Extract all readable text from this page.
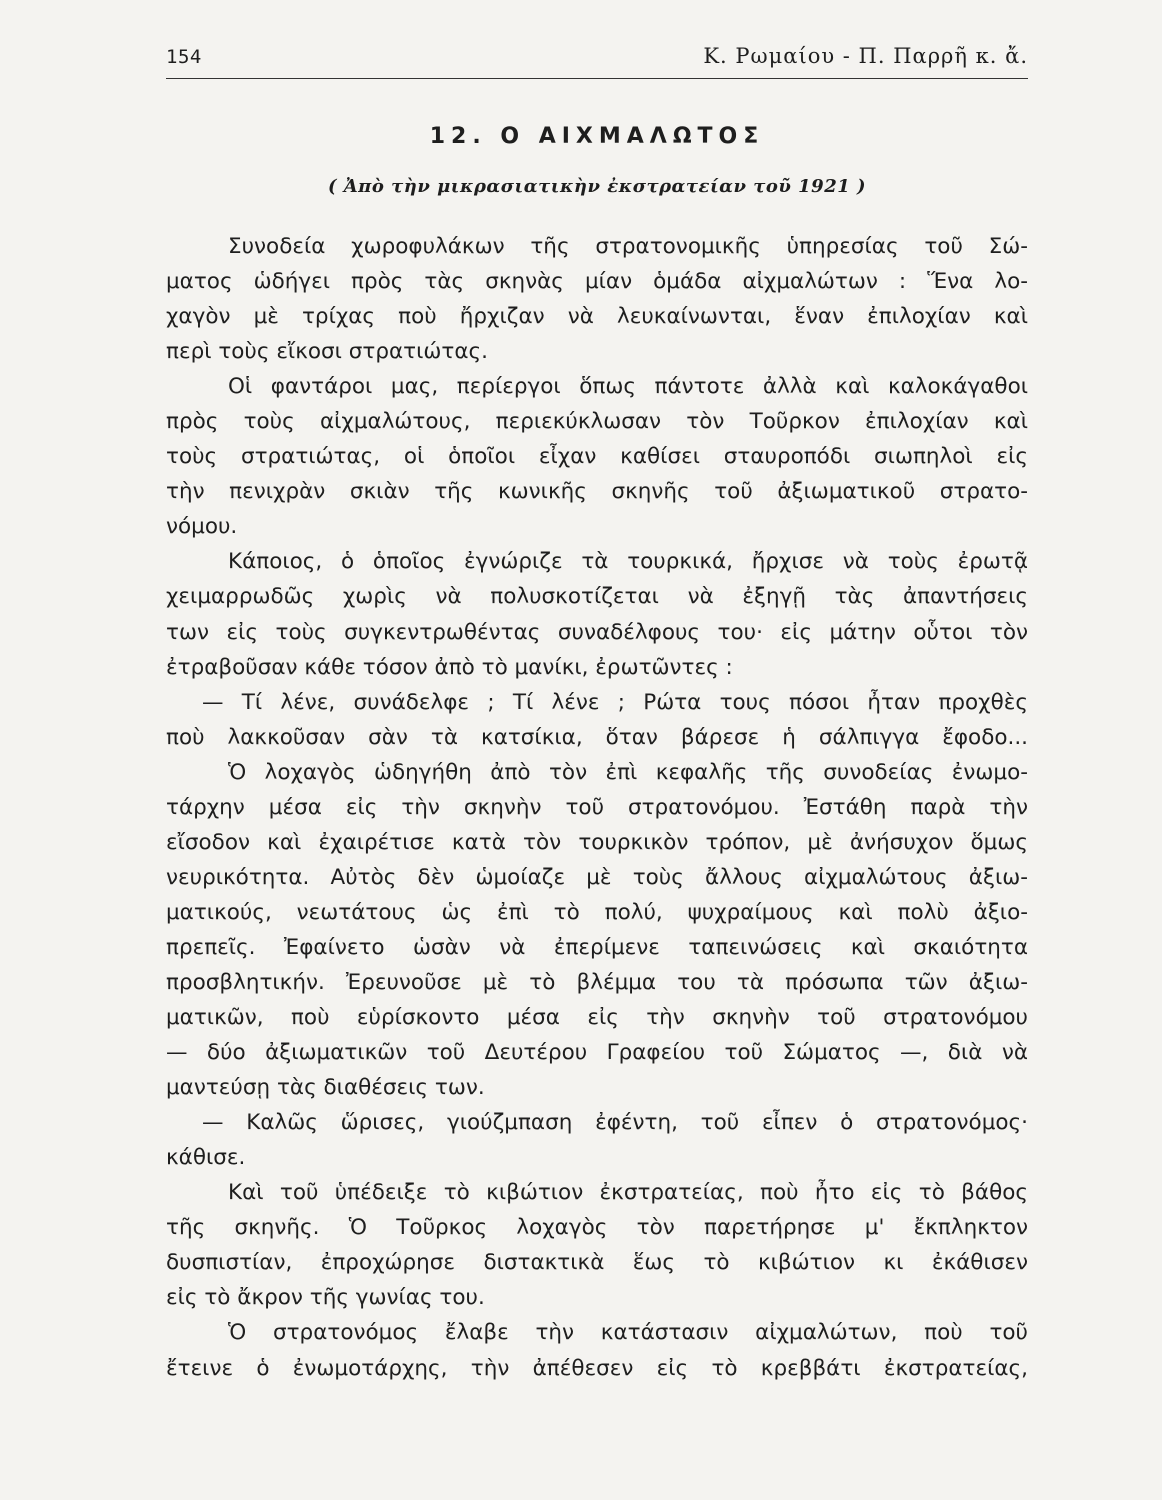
154	Κ. Ρωμαίου - Π. Παρρῆ κ. ἄ.
12. Ο ΑΙΧΜΑΛΩΤΟΣ
( Ἀπὸ τὴν μικρασιατικὴν ἐκστρατείαν τοῦ 1921 )
Συνοδεία χωροφυλάκων τῆς στρατονομικῆς ὑπηρεσίας τοῦ Σώ-
ματος ὡδήγει πρὸς τὰς σκηνὰς μίαν ὁμάδα αἰχμαλώτων : Ἕνα λο-
χαγὸν μὲ τρίχας ποὺ ἤρχιζαν νὰ λευκαίνωνται, ἕναν ἐπιλοχίαν καὶ
περὶ τοὺς εἴκοσι στρατιώτας.
Οἱ φαντάροι μας, περίεργοι ὅπως πάντοτε ἀλλὰ καὶ καλοκάγαθοι
πρὸς τοὺς αἰχμαλώτους, περιεκύκλωσαν τὸν Τοῦρκον ἐπιλοχίαν καὶ
τοὺς στρατιώτας, οἱ ὁποῖοι εἶχαν καθίσει σταυροπόδι σιωπηλοὶ εἰς
τὴν πενιχρὰν σκιὰν τῆς κωνικῆς σκηνῆς τοῦ ἀξιωματικοῦ στρατο-
νόμου.
Κάποιος, ὁ ὁποῖος ἐγνώριζε τὰ τουρκικά, ἤρχισε νὰ τοὺς ἐρωτᾷ
χειμαρρωδῶς χωρὶς νὰ πολυσκοτίζεται νὰ ἐξηγῇ τὰς ἀπαντήσεις
των εἰς τοὺς συγκεντρωθέντας συναδέλφους του· εἰς μάτην οὗτοι τὸν
ἐτραβοῦσαν κάθε τόσον ἀπὸ τὸ μανίκι, ἐρωτῶντες :
— Τί λένε, συνάδελφε ; Τί λένε ; Ρώτα τους πόσοι ἦταν προχθὲς
ποὺ λακκοῦσαν σὰν τὰ κατσίκια, ὅταν βάρεσε ἡ σάλπιγγα ἔφοδο...
Ὁ λοχαγὸς ὡδηγήθη ἀπὸ τὸν ἐπὶ κεφαλῆς τῆς συνοδείας ἐνωμο-
τάρχην μέσα εἰς τὴν σκηνὴν τοῦ στρατονόμου. Ἐστάθη παρὰ τὴν
εἴσοδον καὶ ἐχαιρέτισε κατὰ τὸν τουρκικὸν τρόπον, μὲ ἀνήσυχον ὅμως
νευρικότητα. Αὐτὸς δὲν ὡμοίαζε μὲ τοὺς ἄλλους αἰχμαλώτους ἀξιω-
ματικούς, νεωτάτους ὡς ἐπὶ τὸ πολύ, ψυχραίμους καὶ πολὺ ἀξιο-
πρεπεῖς. Ἐφαίνετο ὡσὰν νὰ ἐπερίμενε ταπεινώσεις καὶ σκαιότητα
προσβλητικήν. Ἐρευνοῦσε μὲ τὸ βλέμμα του τὰ πρόσωπα τῶν ἀξιω-
ματικῶν, ποὺ εὑρίσκοντο μέσα εἰς τὴν σκηνὴν τοῦ στρατονόμου
— δύο ἀξιωματικῶν τοῦ Δευτέρου Γραφείου τοῦ Σώματος —, διὰ νὰ
μαντεύσῃ τὰς διαθέσεις των.
— Καλῶς ὥρισες, γιούζμπαση ἐφέντη, τοῦ εἶπεν ὁ στρατονόμος·
κάθισε.
Καὶ τοῦ ὑπέδειξε τὸ κιβώτιον ἐκστρατείας, ποὺ ἦτο εἰς τὸ βάθος
τῆς σκηνῆς. Ὁ Τοῦρκος λοχαγὸς τὸν παρετήρησε μ' ἔκπληκτον
δυσπιστίαν, ἐπροχώρησε διστακτικὰ ἕως τὸ κιβώτιον κι ἐκάθισεν
εἰς τὸ ἄκρον τῆς γωνίας του.
Ὁ στρατονόμος ἔλαβε τὴν κατάστασιν αἰχμαλώτων, ποὺ τοῦ
ἔτεινε ὁ ἐνωμοτάρχης, τὴν ἀπέθεσεν εἰς τὸ κρεββάτι ἐκστρατείας,
